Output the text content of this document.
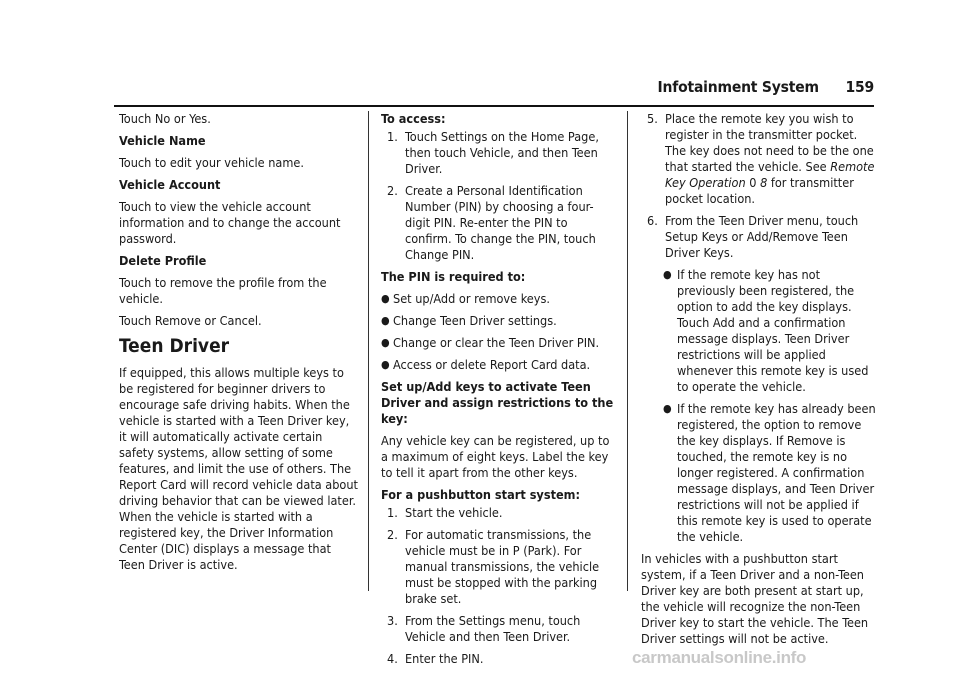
Infotainment System 159

Touch No or Yes.

Vehicle Name

Touch to edit your vehicle name.

Vehicle Account

Touch to view the vehicle account information and to change the account password.

Delete Profile

Touch to remove the profile from the vehicle.

Touch Remove or Cancel.

Teen Driver

If equipped, this allows multiple keys to be registered for beginner drivers to encourage safe driving habits. When the vehicle is started with a Teen Driver key, it will automatically activate certain safety systems, allow setting of some features, and limit the use of others. The Report Card will record vehicle data about driving behavior that can be viewed later. When the vehicle is started with a registered key, the Driver Information Center (DIC) displays a message that Teen Driver is active.

To access:

1. Touch Settings on the Home Page, then touch Vehicle, and then Teen Driver.
2. Create a Personal Identification Number (PIN) by choosing a four-digit PIN. Re-enter the PIN to confirm. To change the PIN, touch Change PIN.

The PIN is required to:

● Set up/Add or remove keys.
● Change Teen Driver settings.
● Change or clear the Teen Driver PIN.
● Access or delete Report Card data.

Set up/Add keys to activate Teen Driver and assign restrictions to the key:

Any vehicle key can be registered, up to a maximum of eight keys. Label the key to tell it apart from the other keys.

For a pushbutton start system:

1. Start the vehicle.
2. For automatic transmissions, the vehicle must be in P (Park). For manual transmissions, the vehicle must be stopped with the parking brake set.
3. From the Settings menu, touch Vehicle and then Teen Driver.
4. Enter the PIN.
5. Place the remote key you wish to register in the transmitter pocket. The key does not need to be the one that started the vehicle. See Remote Key Operation 0 8 for transmitter pocket location.
6. From the Teen Driver menu, touch Setup Keys or Add/Remove Teen Driver Keys.
● If the remote key has not previously been registered, the option to add the key displays. Touch Add and a confirmation message displays. Teen Driver restrictions will be applied whenever this remote key is used to operate the vehicle.
● If the remote key has already been registered, the option to remove the key displays. If Remove is touched, the remote key is no longer registered. A confirmation message displays, and Teen Driver restrictions will not be applied if this remote key is used to operate the vehicle.

In vehicles with a pushbutton start system, if a Teen Driver and a non-Teen Driver key are both present at start up, the vehicle will recognize the non-Teen Driver key to start the vehicle. The Teen Driver settings will not be active.

carmanualsonline.info
